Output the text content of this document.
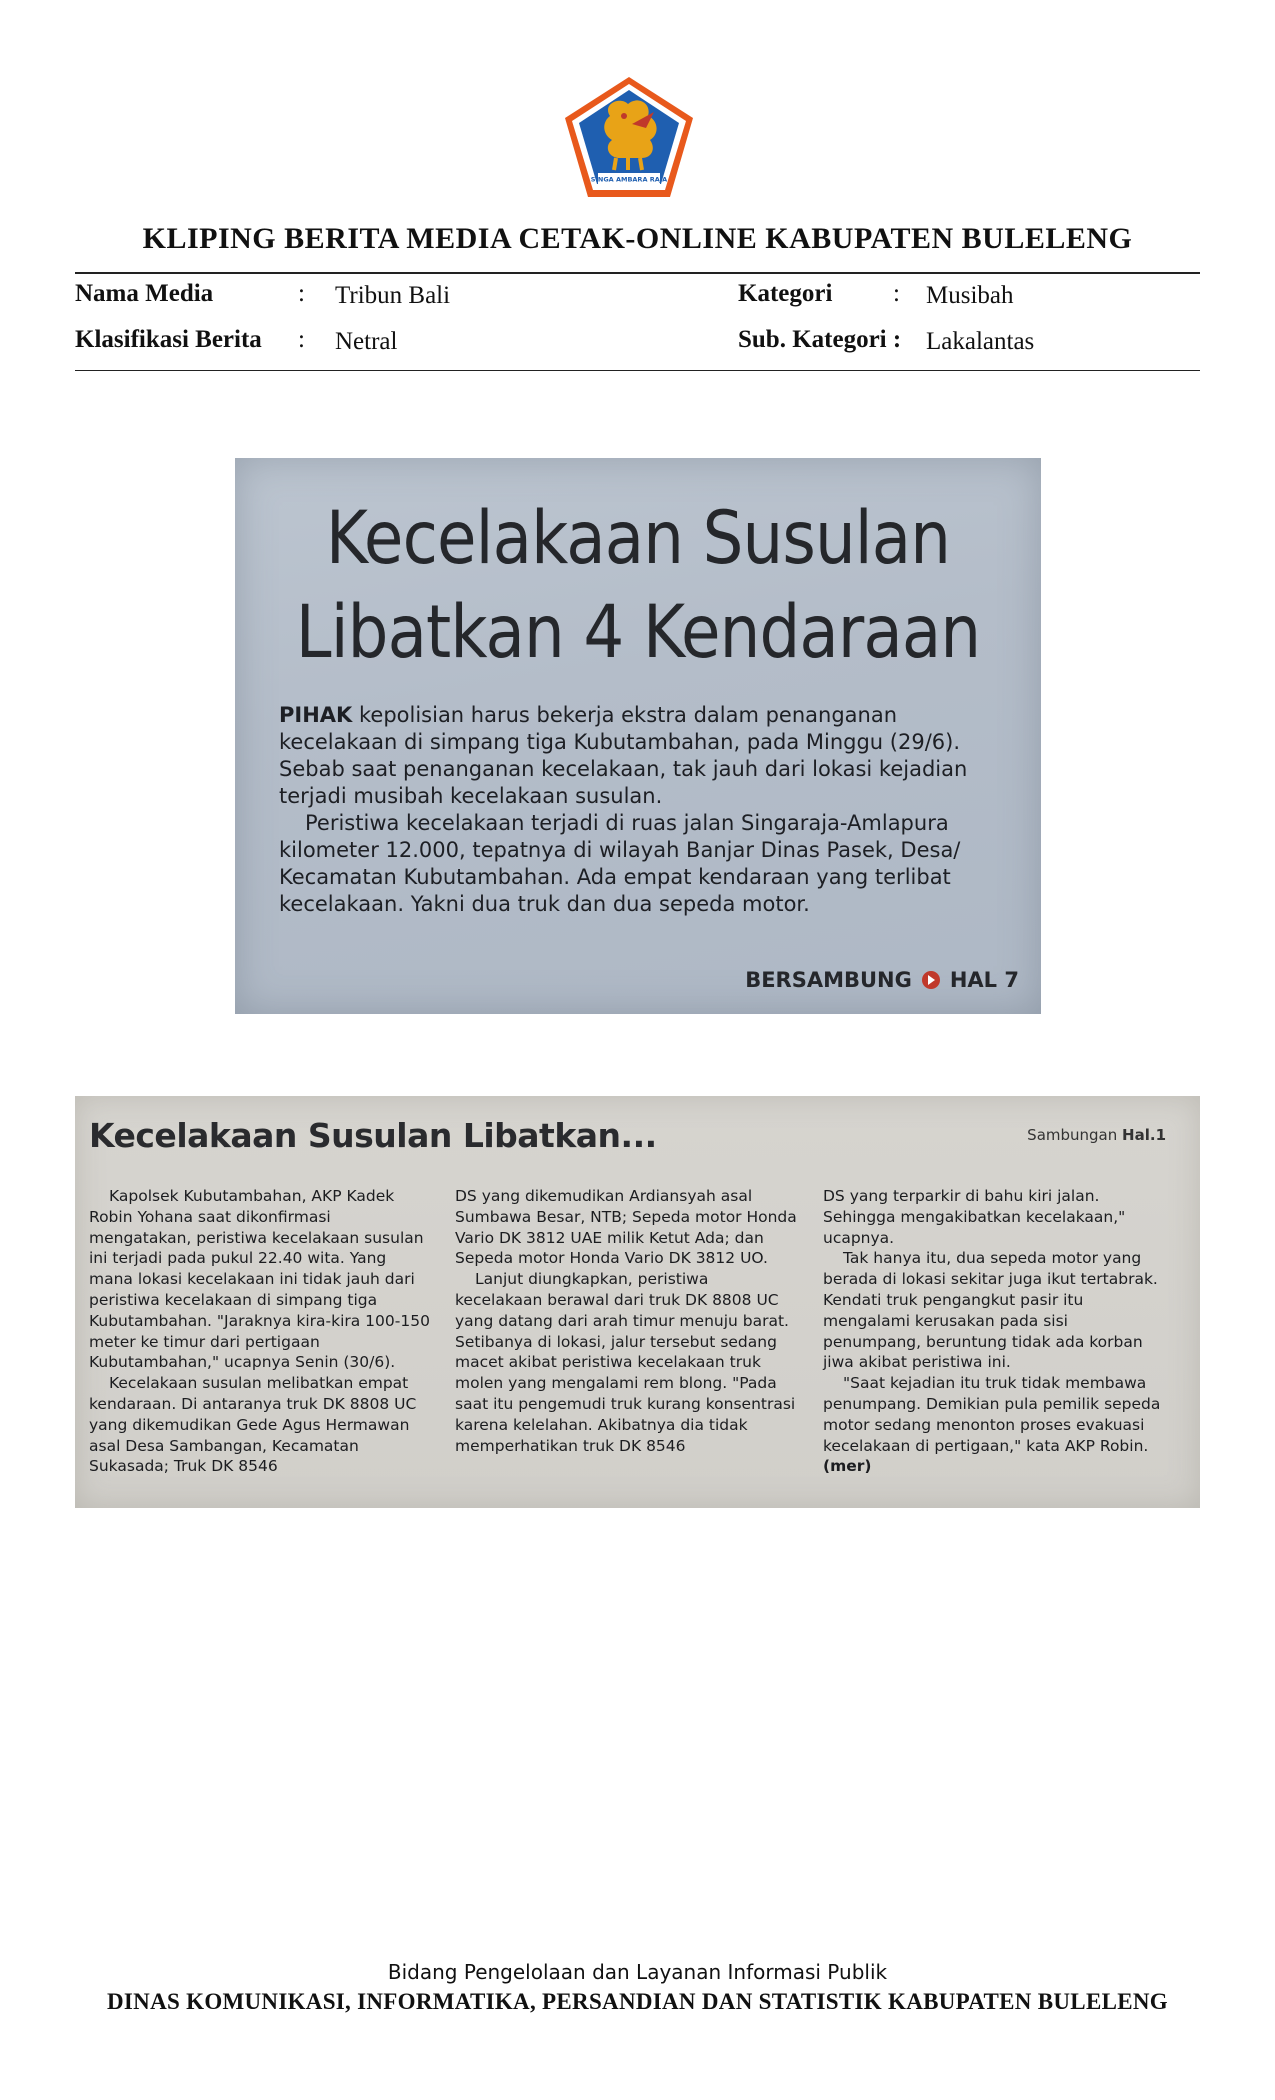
SINGA AMBARA RAJA
KLIPING BERITA MEDIA CETAK-ONLINE KABUPATEN BULELENG
Nama Media	: Tribun Bali
Klasifikasi Berita : Netral
Kategori : Musibah
Sub. Kategori : Lakalantas
Kecelakaan Susulan
Libatkan 4 Kendaraan

PIHAK kepolisian harus bekerja ekstra dalam penanganan kecelakaan di simpang tiga Kubutambahan, pada Minggu (29/6). Sebab saat penanganan kecelakaan, tak jauh dari lokasi kejadian terjadi musibah kecelakaan susulan.

Peristiwa kecelakaan terjadi di ruas jalan Singaraja-Amlapura kilometer 12.000, tepatnya di wilayah Banjar Dinas Pasek, Desa/ Kecamatan Kubutambahan. Ada empat kendaraan yang terlibat kecelakaan. Yakni dua truk dan dua sepeda motor.

BERSAMBUNG HAL 7
Kecelakaan Susulan Libatkan...	Sambungan Hal.1

Kapolsek Kubutambahan, AKP Kadek Robin Yohana saat dikonfirmasi mengatakan, peristiwa kecelakaan susulan ini terjadi pada pukul 22.40 wita. Yang mana lokasi kecelakaan ini tidak jauh dari peristiwa kecelakaan di simpang tiga Kubutambahan. "Jaraknya kira-kira 100-150 meter ke timur dari pertigaan Kubutambahan," ucapnya Senin (30/6).

Kecelakaan susulan melibatkan empat kendaraan. Di antaranya truk DK 8808 UC yang dikemudikan Gede Agus Hermawan asal Desa Sambangan, Kecamatan Sukasada; Truk DK 8546

DS yang dikemudikan Ardiansyah asal Sumbawa Besar, NTB; Sepeda motor Honda Vario DK 3812 UAE milik Ketut Ada; dan Sepeda motor Honda Vario DK 3812 UO.

Lanjut diungkapkan, peristiwa kecelakaan berawal dari truk DK 8808 UC yang datang dari arah timur menuju barat. Setibanya di lokasi, jalur tersebut sedang macet akibat peristiwa kecelakaan truk molen yang mengalami rem blong. "Pada saat itu pengemudi truk kurang konsentrasi karena kelelahan. Akibatnya dia tidak memperhatikan truk DK 8546

DS yang terparkir di bahu kiri jalan. Sehingga mengakibatkan kecelakaan," ucapnya.

Tak hanya itu, dua sepeda motor yang berada di lokasi sekitar juga ikut tertabrak. Kendati truk pengangkut pasir itu mengalami kerusakan pada sisi penumpang, beruntung tidak ada korban jiwa akibat peristiwa ini.

"Saat kejadian itu truk tidak membawa penumpang. Demikian pula pemilik sepeda motor sedang menonton proses evakuasi kecelakaan di pertigaan," kata AKP Robin. (mer)

Bidang Pengelolaan dan Layanan Informasi Publik
DINAS KOMUNIKASI, INFORMATIKA, PERSANDIAN DAN STATISTIK KABUPATEN BULELENG
